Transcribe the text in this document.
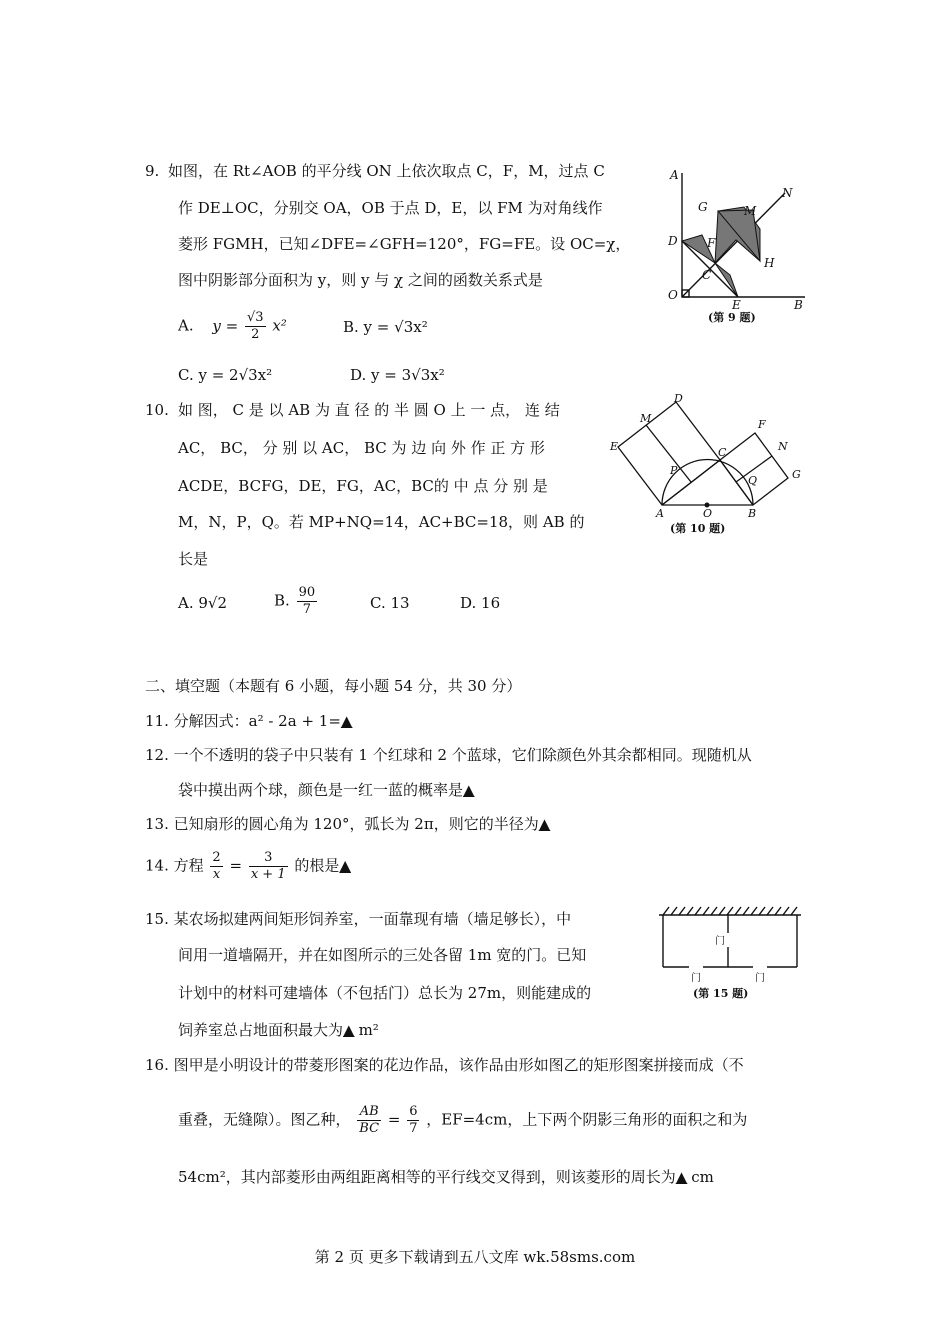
9. 如图，在 Rt∠AOB 的平分线 ON 上依次取点 C，F，M，过点 C
作 DE⊥OC，分别交 OA，OB 于点 D，E，以 FM 为对角线作
菱形 FGMH，已知∠DFE=∠GFH=120°，FG=FE。设 OC=χ，
图中阴影部分面积为 y，则 y 与 χ 之间的函数关系式是
A. $y = \frac{√3}{2} x^2$	B. y = √3x²
C. y = 2√3x²	D. y = 3√3x²
A
N
G	M
D F
H
C
O
E	B
(第 9 题)
10. 如 图， C 是 以 AB 为 直 径 的 半 圆 O 上 一 点， 连 结
AC， BC， 分 别 以 AC， BC 为 边 向 外 作 正 方 形
ACDE，BCFG，DE，FG，AC，BC的 中 点 分 别 是
M，N，P，Q。若 MP+NQ=14，AC+BC=18，则 AB 的
长是
A. 9√2	B. $\frac{90}{7}$	C. 13	D. 16
D
M
E
F
C	N
P
Q	G
A	O	B
(第 10 题)
二、填空题（本题有 6 小题，每小题 54 分，共 30 分）
11. 分解因式：a² - 2a + 1=▲
12. 一个不透明的袋子中只装有 1 个红球和 2 个蓝球，它们除颜色外其余都相同。现随机从
袋中摸出两个球，颜色是一红一蓝的概率是▲
13. 已知扇形的圆心角为 120°，弧长为 2π，则它的半径为▲
14. 方程 $\frac{2}{x} = \frac{3}{x + 1}$ 的根是▲
15. 某农场拟建两间矩形饲养室，一面靠现有墙（墙足够长），中
间用一道墙隔开，并在如图所示的三处各留 1m 宽的门。已知
计划中的材料可建墙体（不包括门）总长为 27m，则能建成的
饲养室总占地面积最大为▲ m²
门
门	门
(第 15 题)
16. 图甲是小明设计的带菱形图案的花边作品，该作品由形如图乙的矩形图案拼接而成（不
重叠，无缝隙）。图乙种， $\frac{AB}{BC} = \frac{6}{7}$ ，EF=4cm，上下两个阴影三角形的面积之和为
54cm²，其内部菱形由两组距离相等的平行线交叉得到，则该菱形的周长为▲ cm
第 2 页 更多下载请到五八文库 wk.58sms.com
